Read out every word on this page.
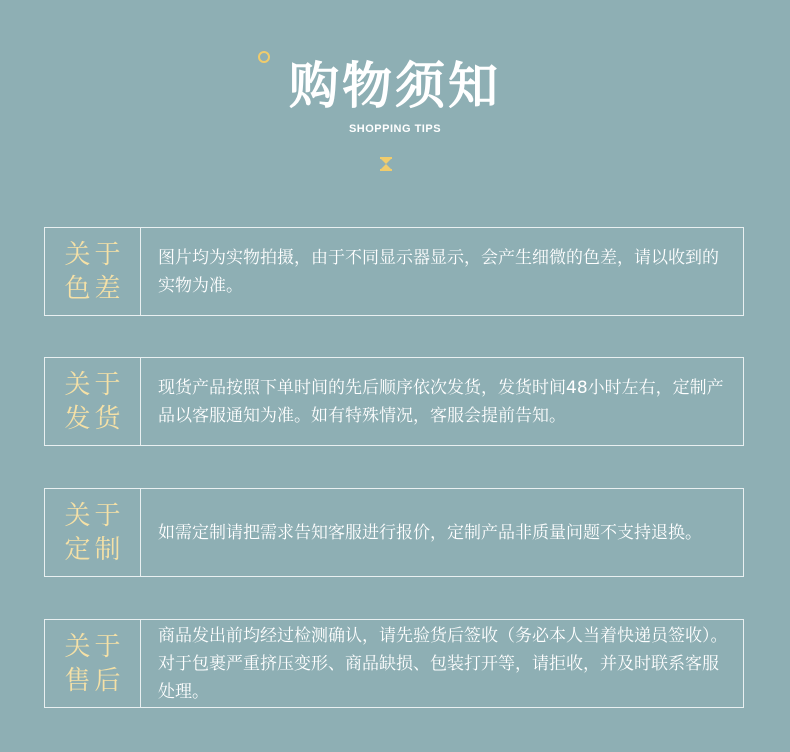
购物须知
SHOPPING TIPS
关于
色差
图片均为实物拍摄，由于不同显示器显示，会产生细微的色差，请以收到的实物为准。
关于
发货
现货产品按照下单时间的先后顺序依次发货，发货时间48小时左右，定制产品以客服通知为准。如有特殊情况，客服会提前告知。
关于
定制
如需定制请把需求告知客服进行报价，定制产品非质量问题不支持退换。
关于
售后
商品发出前均经过检测确认，请先验货后签收（务必本人当着快递员签收）。对于包裹严重挤压变形、商品缺损、包装打开等，请拒收，并及时联系客服处理。
